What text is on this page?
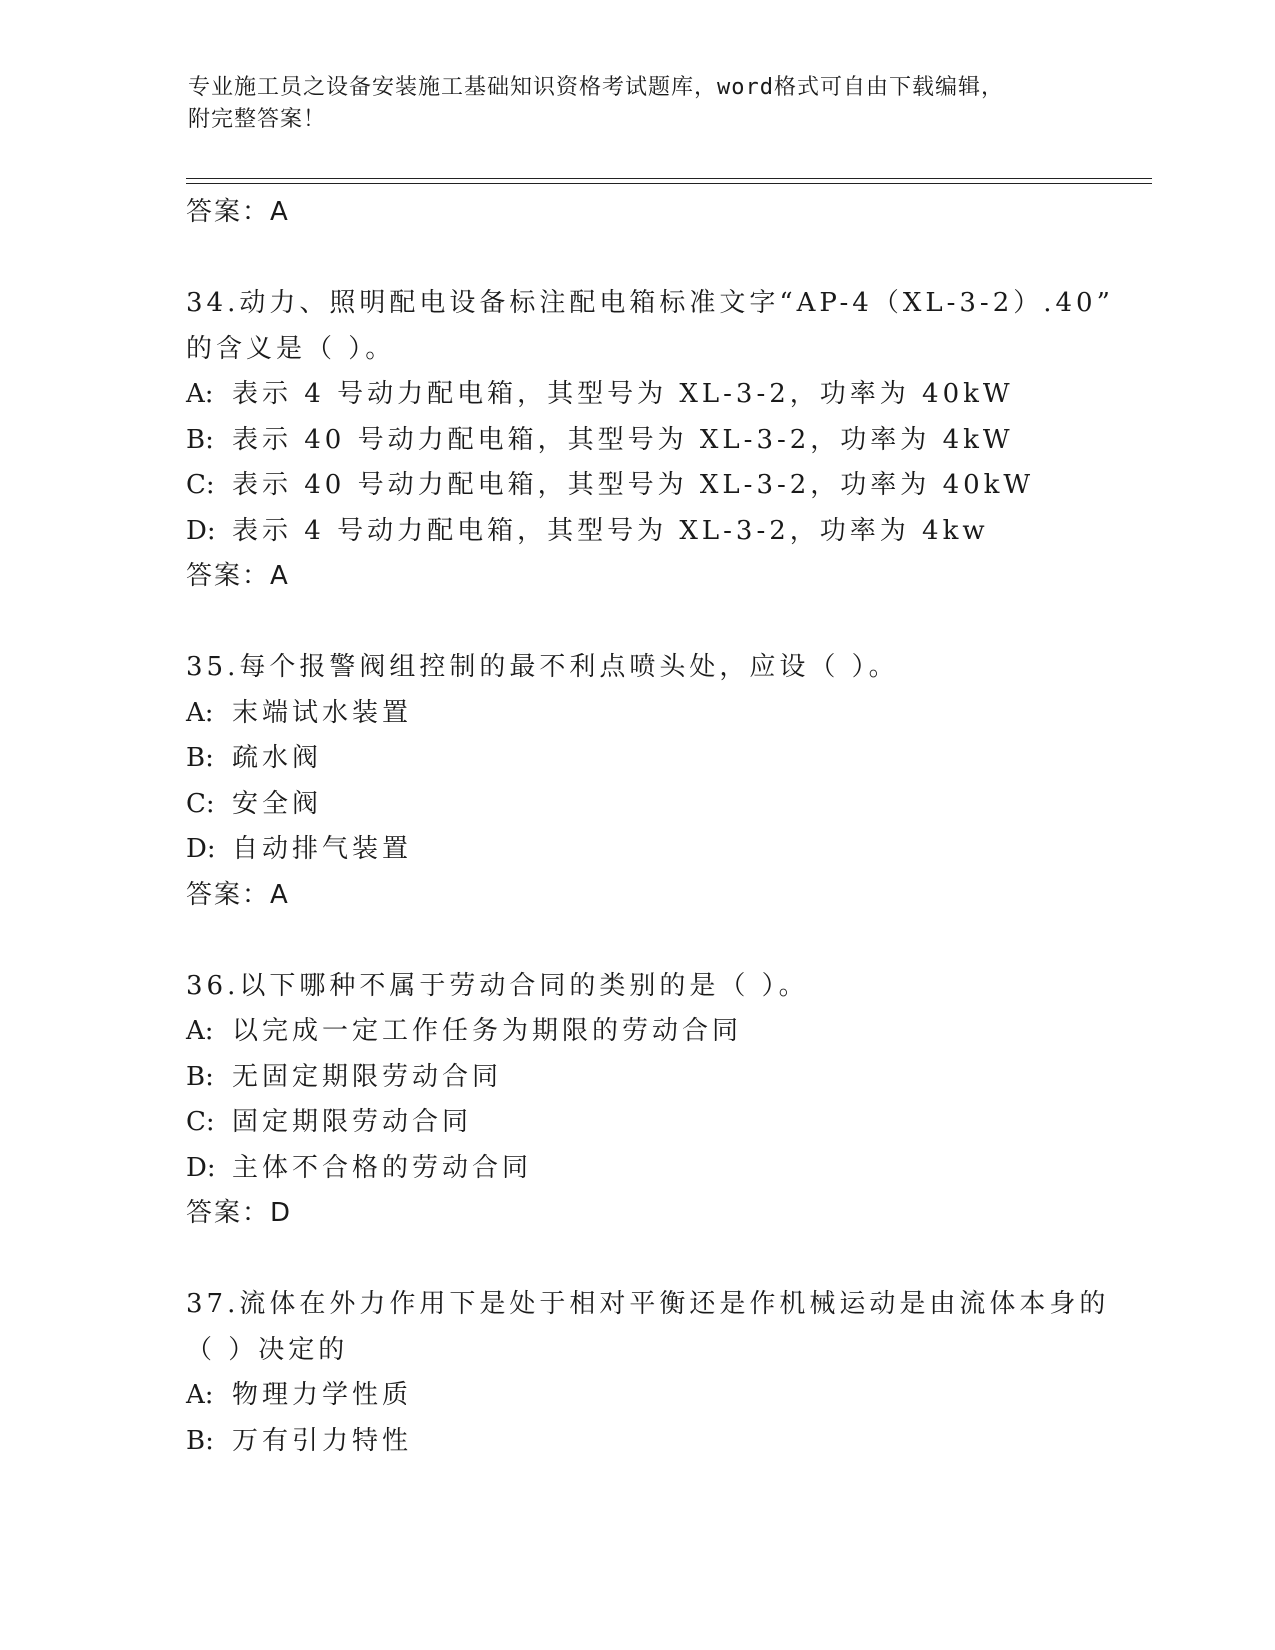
专业施工员之设备安装施工基础知识资格考试题库，word格式可自由下载编辑，
附完整答案！
答案：A
34.动力、照明配电设备标注配电箱标准文字“AP-4（XL-3-2）.40”
的含义是（ ）。
A: 表示 4 号动力配电箱，其型号为 XL-3-2，功率为 40kW
B: 表示 40 号动力配电箱，其型号为 XL-3-2，功率为 4kW
C: 表示 40 号动力配电箱，其型号为 XL-3-2，功率为 40kW
D: 表示 4 号动力配电箱，其型号为 XL-3-2，功率为 4kw
答案：A
35.每个报警阀组控制的最不利点喷头处，应设（ ）。
A: 末端试水装置
B: 疏水阀
C: 安全阀
D: 自动排气装置
答案：A
36.以下哪种不属于劳动合同的类别的是（ ）。
A: 以完成一定工作任务为期限的劳动合同
B: 无固定期限劳动合同
C: 固定期限劳动合同
D: 主体不合格的劳动合同
答案：D
37.流体在外力作用下是处于相对平衡还是作机械运动是由流体本身的
（ ）决定的
A: 物理力学性质
B: 万有引力特性
